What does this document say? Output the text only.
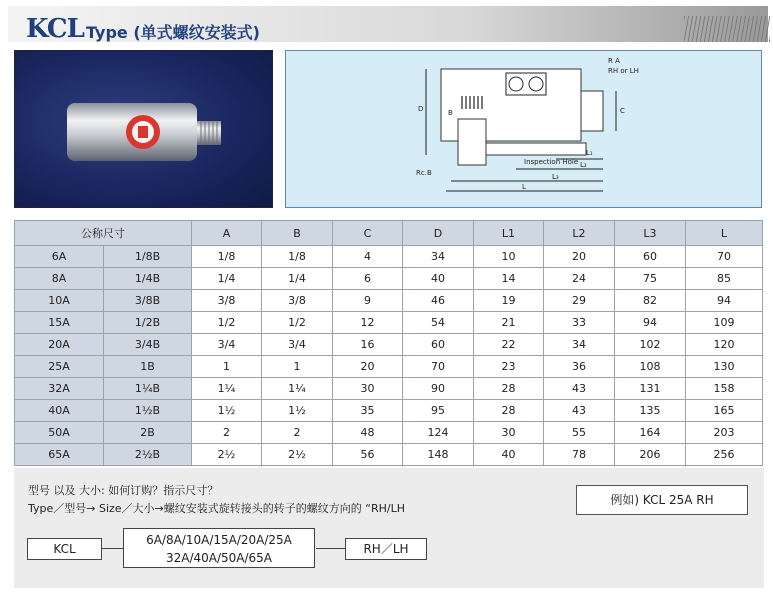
KCL Type (单式螺纹安装式)
R A
RH or LH
D	B	C
Rc.B
Inspection Hole
L₁
L₂
L₃
L
公称尺寸		A	B	C	D	L1	L2	L3	L
6A	1/8B	1/8	1/8	4	34	10	20	60	70
8A	1/4B	1/4	1/4	6	40	14	24	75	85
10A	3/8B	3/8	3/8	9	46	19	29	82	94
15A	1/2B	1/2	1/2	12	54	21	33	94	109
20A	3/4B	3/4	3/4	16	60	22	34	102	120
25A	1B	1	1	20	70	23	36	108	130
32A	1¼B	1¼	1¼	30	90	28	43	131	158
40A	1½B	1½	1½	35	95	28	43	135	165
50A	2B	2	2	48	124	30	55	164	203
65A	2½B	2½	2½	56	148	40	78	206	256
型号 以及 大小: 如何订购？指示尺寸？
Type／型号→ Size／大小→螺纹安装式旋转接头的转子的螺纹方向的 “RH/LH
例如) KCL 25A RH
KCL
6A/8A/10A/15A/20A/25A
32A/40A/50A/65A
RH／LH
